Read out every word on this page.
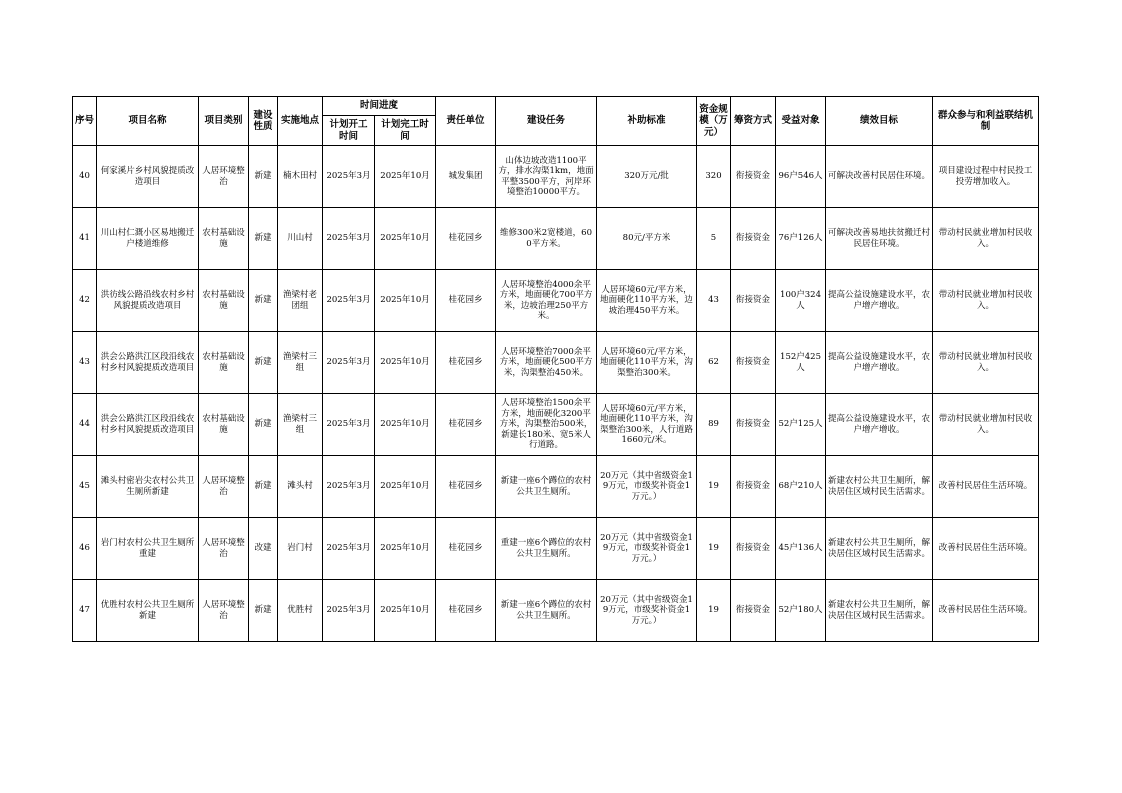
序号	项目名称	项目类别	建设性质	实施地点	时间进度		责任单位	建设任务	补助标准	资金规模（万元）	筹资方式	受益对象	绩效目标	群众参与和利益联结机制
					计划开工时间	计划完工时间								
40	何家溪片乡村风貌提质改造项目	人居环境整治	新建	楠木田村	2025年3月	2025年10月	城发集团	山体边坡改造1100平方，排水沟渠1km，地面平整3500平方，河岸环境整治10000平方。	320万元/批	320	衔接资金	96户546人	可解决改善村民居住环境。	项目建设过程中村民投工投劳增加收入。
41	川山村仁溉小区易地搬迁户楼道维修	农村基础设施	新建	川山村	2025年3月	2025年10月	桂花园乡	维修300米2宽楼道，600平方米。	80元/平方米	5	衔接资金	76户126人	可解决改善易地扶贫搬迁村民居住环境。	带动村民就业增加村民收入。
42	洪彷线公路沿线农村乡村风貌提质改造项目	农村基础设施	新建	渔梁村老团组	2025年3月	2025年10月	桂花园乡	人居环境整治4000余平方米，地面硬化700平方米，边坡治理250平方米。	人居环境60元/平方米，地面硬化110平方米，边坡治理450平方米。	43	衔接资金	100户324人	提高公益设施建设水平，农户增产增收。	带动村民就业增加村民收入。
43	洪会公路洪江区段沿线农村乡村风貌提质改造项目	农村基础设施	新建	渔梁村三组	2025年3月	2025年10月	桂花园乡	人居环境整治7000余平方米，地面硬化500平方米，沟渠整治450米。	人居环境60元/平方米，地面硬化110平方米，沟渠整治300米。	62	衔接资金	152户425人	提高公益设施建设水平，农户增产增收。	带动村民就业增加村民收入。
44	洪会公路洪江区段沿线农村乡村风貌提质改造项目	农村基础设施	新建	渔梁村三组	2025年3月	2025年10月	桂花园乡	人居环境整治1500余平方米，地面硬化3200平方米，沟渠整治500米，新建长180米、宽5米人行道路。	人居环境60元/平方米，地面硬化110平方米，沟渠整治300米，人行道路1660元/米。	89	衔接资金	52户125人	提高公益设施建设水平，农户增产增收。	带动村民就业增加村民收入。
45	滩头村密岩尖农村公共卫生厕所新建	人居环境整治	新建	滩头村	2025年3月	2025年10月	桂花园乡	新建一座6个蹲位的农村公共卫生厕所。	20万元（其中省级资金19万元，市级奖补资金1万元。）	19	衔接资金	68户210人	新建农村公共卫生厕所，解决居住区域村民生活需求。	改善村民居住生活环境。
46	岩门村农村公共卫生厕所重建	人居环境整治	改建	岩门村	2025年3月	2025年10月	桂花园乡	重建一座6个蹲位的农村公共卫生厕所。	20万元（其中省级资金19万元，市级奖补资金1万元。）	19	衔接资金	45户136人	新建农村公共卫生厕所，解决居住区域村民生活需求。	改善村民居住生活环境。
47	优胜村农村公共卫生厕所新建	人居环境整治	新建	优胜村	2025年3月	2025年10月	桂花园乡	新建一座6个蹲位的农村公共卫生厕所。	20万元（其中省级资金19万元，市级奖补资金1万元。）	19	衔接资金	52户180人	新建农村公共卫生厕所，解决居住区域村民生活需求。	改善村民居住生活环境。
